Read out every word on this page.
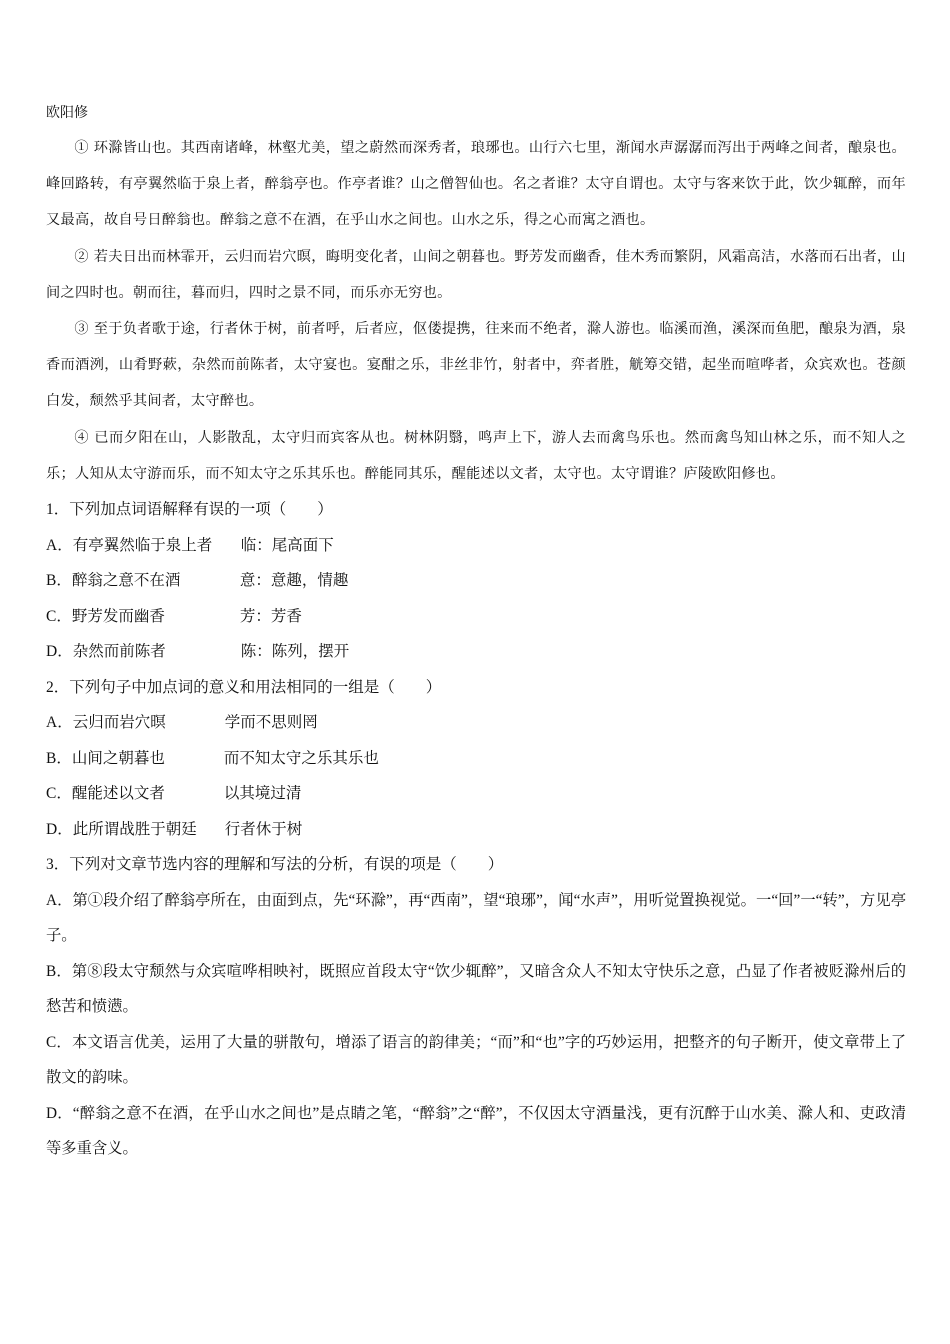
欧阳修

① 环滁皆山也。其西南诸峰，林壑尤美，望之蔚然而深秀者，琅琊也。山行六七里，渐闻水声潺潺而泻出于两峰之间者，酿泉也。峰回路转，有亭翼然临于泉上者，醉翁亭也。作亭者谁？山之僧智仙也。名之者谁？太守自谓也。太守与客来饮于此，饮少辄醉，而年又最高，故自号日醉翁也。醉翁之意不在酒，在乎山水之间也。山水之乐，得之心而寓之酒也。

② 若夫日出而林霏开，云归而岩穴暝，晦明变化者，山间之朝暮也。野芳发而幽香，佳木秀而繁阴，风霜高洁，水落而石出者，山间之四时也。朝而往，暮而归，四时之景不同，而乐亦无穷也。

③ 至于负者歌于途，行者休于树，前者呼，后者应，伛偻提携，往来而不绝者，滁人游也。临溪而渔，溪深而鱼肥，酿泉为酒，泉香而酒洌，山肴野蔌，杂然而前陈者，太守宴也。宴酣之乐，非丝非竹，射者中，弈者胜，觥筹交错，起坐而喧哗者，众宾欢也。苍颜白发，颓然乎其间者，太守醉也。

④ 已而夕阳在山，人影散乱，太守归而宾客从也。树林阴翳，鸣声上下，游人去而禽鸟乐也。然而禽鸟知山林之乐，而不知人之乐；人知从太守游而乐，而不知太守之乐其乐也。醉能同其乐，醒能述以文者，太守也。太守谓谁？庐陵欧阳修也。

1．下列加点词语解释有误的一项（　　）

A．有亭翼然临于泉上者 临：尾高面下

B．醉翁之意不在酒	意：意趣，情趣

C．野芳发而幽香	芳：芳香

D．杂然而前陈者	陈：陈列，摆开

2．下列句子中加点词的意义和用法相同的一组是（　　）

A．云归而岩穴暝	学而不思则罔

B．山间之朝暮也	而不知太守之乐其乐也

C．醒能述以文者	以其境过清

D．此所谓战胜于朝廷 行者休于树

3．下列对文章节选内容的理解和写法的分析，有误的项是（　　）

A．第①段介绍了醉翁亭所在，由面到点，先“环滁”，再“西南”，望“琅琊”，闻“水声”，用听觉置换视觉。一“回”一“转”，方见亭子。

B．第⑧段太守颓然与众宾喧哗相映衬，既照应首段太守“饮少辄醉”，又暗含众人不知太守快乐之意，凸显了作者被贬滁州后的愁苦和愤懑。

C．本文语言优美，运用了大量的骈散句，增添了语言的韵律美；“而”和“也”字的巧妙运用，把整齐的句子断开，使文章带上了散文的韵味。

D．“醉翁之意不在酒，在乎山水之间也”是点睛之笔，“醉翁”之“醉”，不仅因太守酒量浅，更有沉醉于山水美、滁人和、吏政清等多重含义。
